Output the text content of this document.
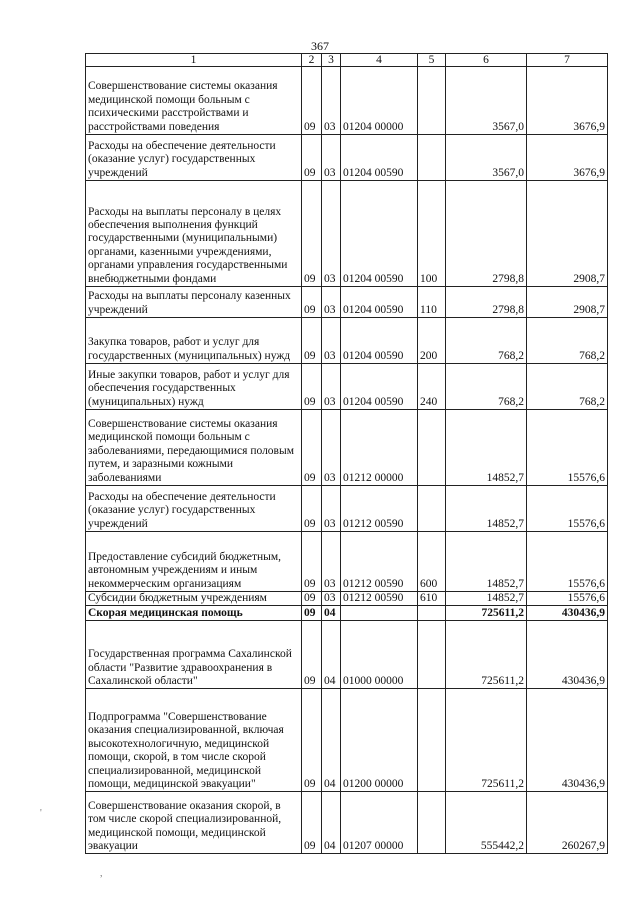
367
1	2	3	4	5	6	7
Совершенствование системы оказания медицинской помощи больным с психическими расстройствами и расстройствами поведения	09	03	01204 00000		3567,0	3676,9
Расходы на обеспечение деятельности (оказание услуг) государственных учреждений	09	03	01204 00590		3567,0	3676,9
Расходы на выплаты персоналу в целях обеспечения выполнения функций государственными (муниципальными) органами, казенными учреждениями, органами управления государственными внебюджетными фондами	09	03	01204 00590	100	2798,8	2908,7
Расходы на выплаты персоналу казенных учреждений	09	03	01204 00590	110	2798,8	2908,7
Закупка товаров, работ и услуг для государственных (муниципальных) нужд	09	03	01204 00590	200	768,2	768,2
Иные закупки товаров, работ и услуг для обеспечения государственных (муниципальных) нужд	09	03	01204 00590	240	768,2	768,2
Совершенствование системы оказания медицинской помощи больным с заболеваниями, передающимися половым путем, и заразными кожными заболеваниями	09	03	01212 00000		14852,7	15576,6
Расходы на обеспечение деятельности (оказание услуг) государственных учреждений	09	03	01212 00590		14852,7	15576,6
Предоставление субсидий бюджетным, автономным учреждениям и иным некоммерческим организациям	09	03	01212 00590	600	14852,7	15576,6
Субсидии бюджетным учреждениям	09	03	01212 00590	610	14852,7	15576,6
Скорая медицинская помощь	09	04			725611,2	430436,9
Государственная программа Сахалинской области "Развитие здравоохранения в Сахалинской области"	09	04	01000 00000		725611,2	430436,9
Подпрограмма "Совершенствование оказания специализированной, включая высокотехнологичную, медицинской помощи, скорой, в том числе скорой специализированной, медицинской помощи, медицинской эвакуации"	09	04	01200 00000		725611,2	430436,9
Совершенствование оказания скорой, в том числе скорой специализированной, медицинской помощи, медицинской эвакуации	09	04	01207 00000		555442,2	260267,9
'
,
